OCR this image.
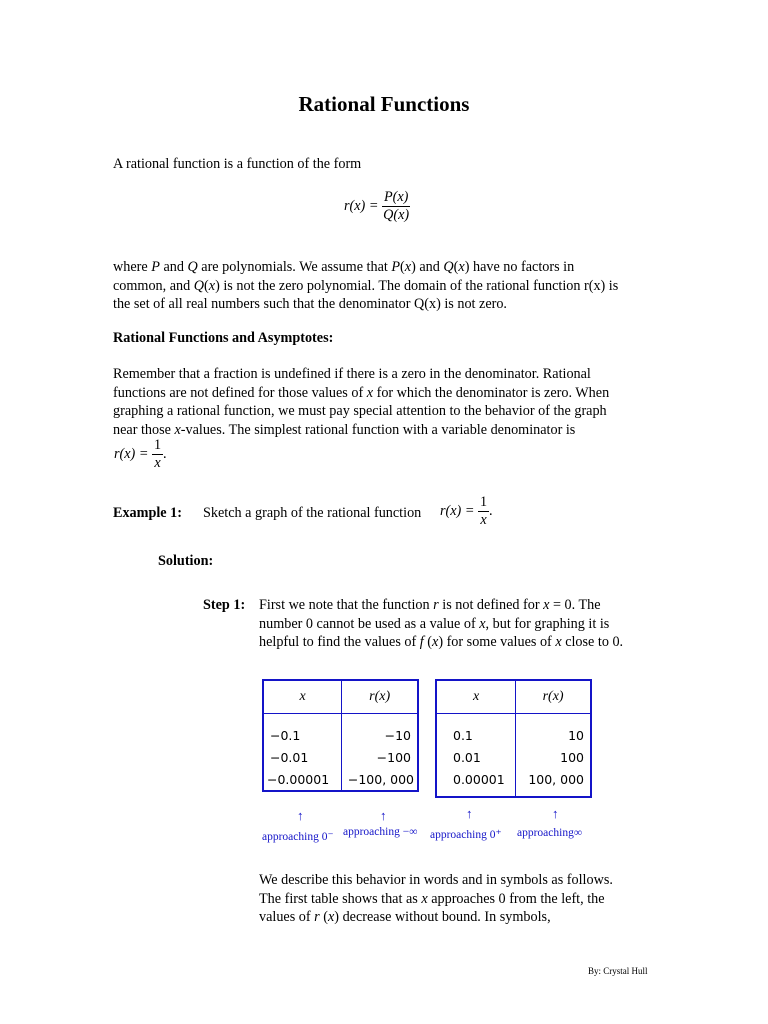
Rational Functions
A rational function is a function of the form
$r(x) = \frac{P(x)}{Q(x)}$
where P and Q are polynomials. We assume that P(x) and Q(x) have no factors in
common, and Q(x) is not the zero polynomial. The domain of the rational function r(x) is
the set of all real numbers such that the denominator Q(x) is not zero.
Rational Functions and Asymptotes:
Remember that a fraction is undefined if there is a zero in the denominator. Rational
functions are not defined for those values of x for which the denominator is zero. When
graphing a rational function, we must pay special attention to the behavior of the graph
near those x-values. The simplest rational function with a variable denominator is
$r(x) = \frac{1}{x}$ .
Example 1: Sketch a graph of the rational function $r(x) = \frac{1}{x}$ .
Solution:
Step 1: First we note that the function r is not defined for x = 0. The
number 0 cannot be used as a value of x, but for graphing it is
helpful to find the values of f (x) for some values of x close to 0.
x	r(x)

−0.1	−10
−0.01	−100
−0.00001	−100, 000
x	r(x)

0.1	10
0.01	100
0.00001	100, 000
↑	↑	↑	↑
approaching 0⁻ approaching −∞ approaching 0⁺ approaching∞
We describe this behavior in words and in symbols as follows.
The first table shows that as x approaches 0 from the left, the
values of r (x) decrease without bound. In symbols,
By: Crystal Hull
